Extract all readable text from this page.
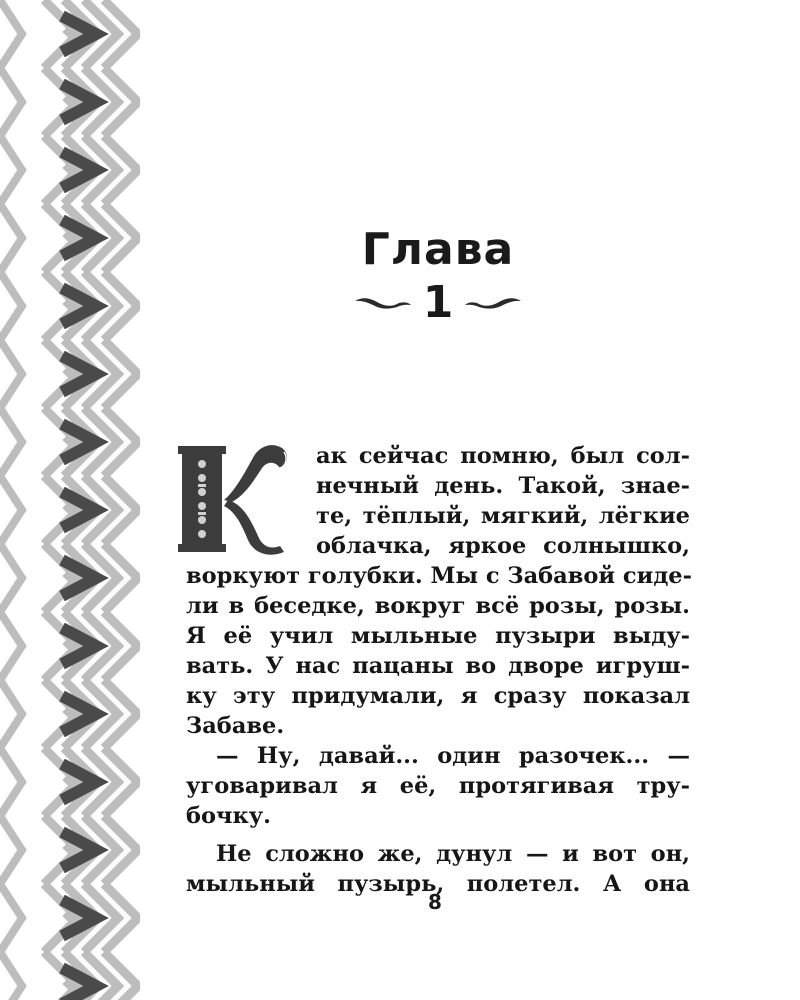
Глава
1
ак сейчас помню, был сол-
нечный день. Такой, знае-
те, тёплый, мягкий, лёгкие
облачка, яркое солнышко,
воркуют голубки. Мы с Забавой сиде-
ли в беседке, вокруг всё розы, розы.
Я её учил мыльные пузыри выду-
вать. У нас пацаны во дворе игруш-
ку эту придумали, я сразу показал
Забаве.
— Ну, давай... один разочек... —
уговаривал я её, протягивая тру-
бочку.
Не сложно же, дунул — и вот он,
мыльный пузырь, полетел. А она
8
